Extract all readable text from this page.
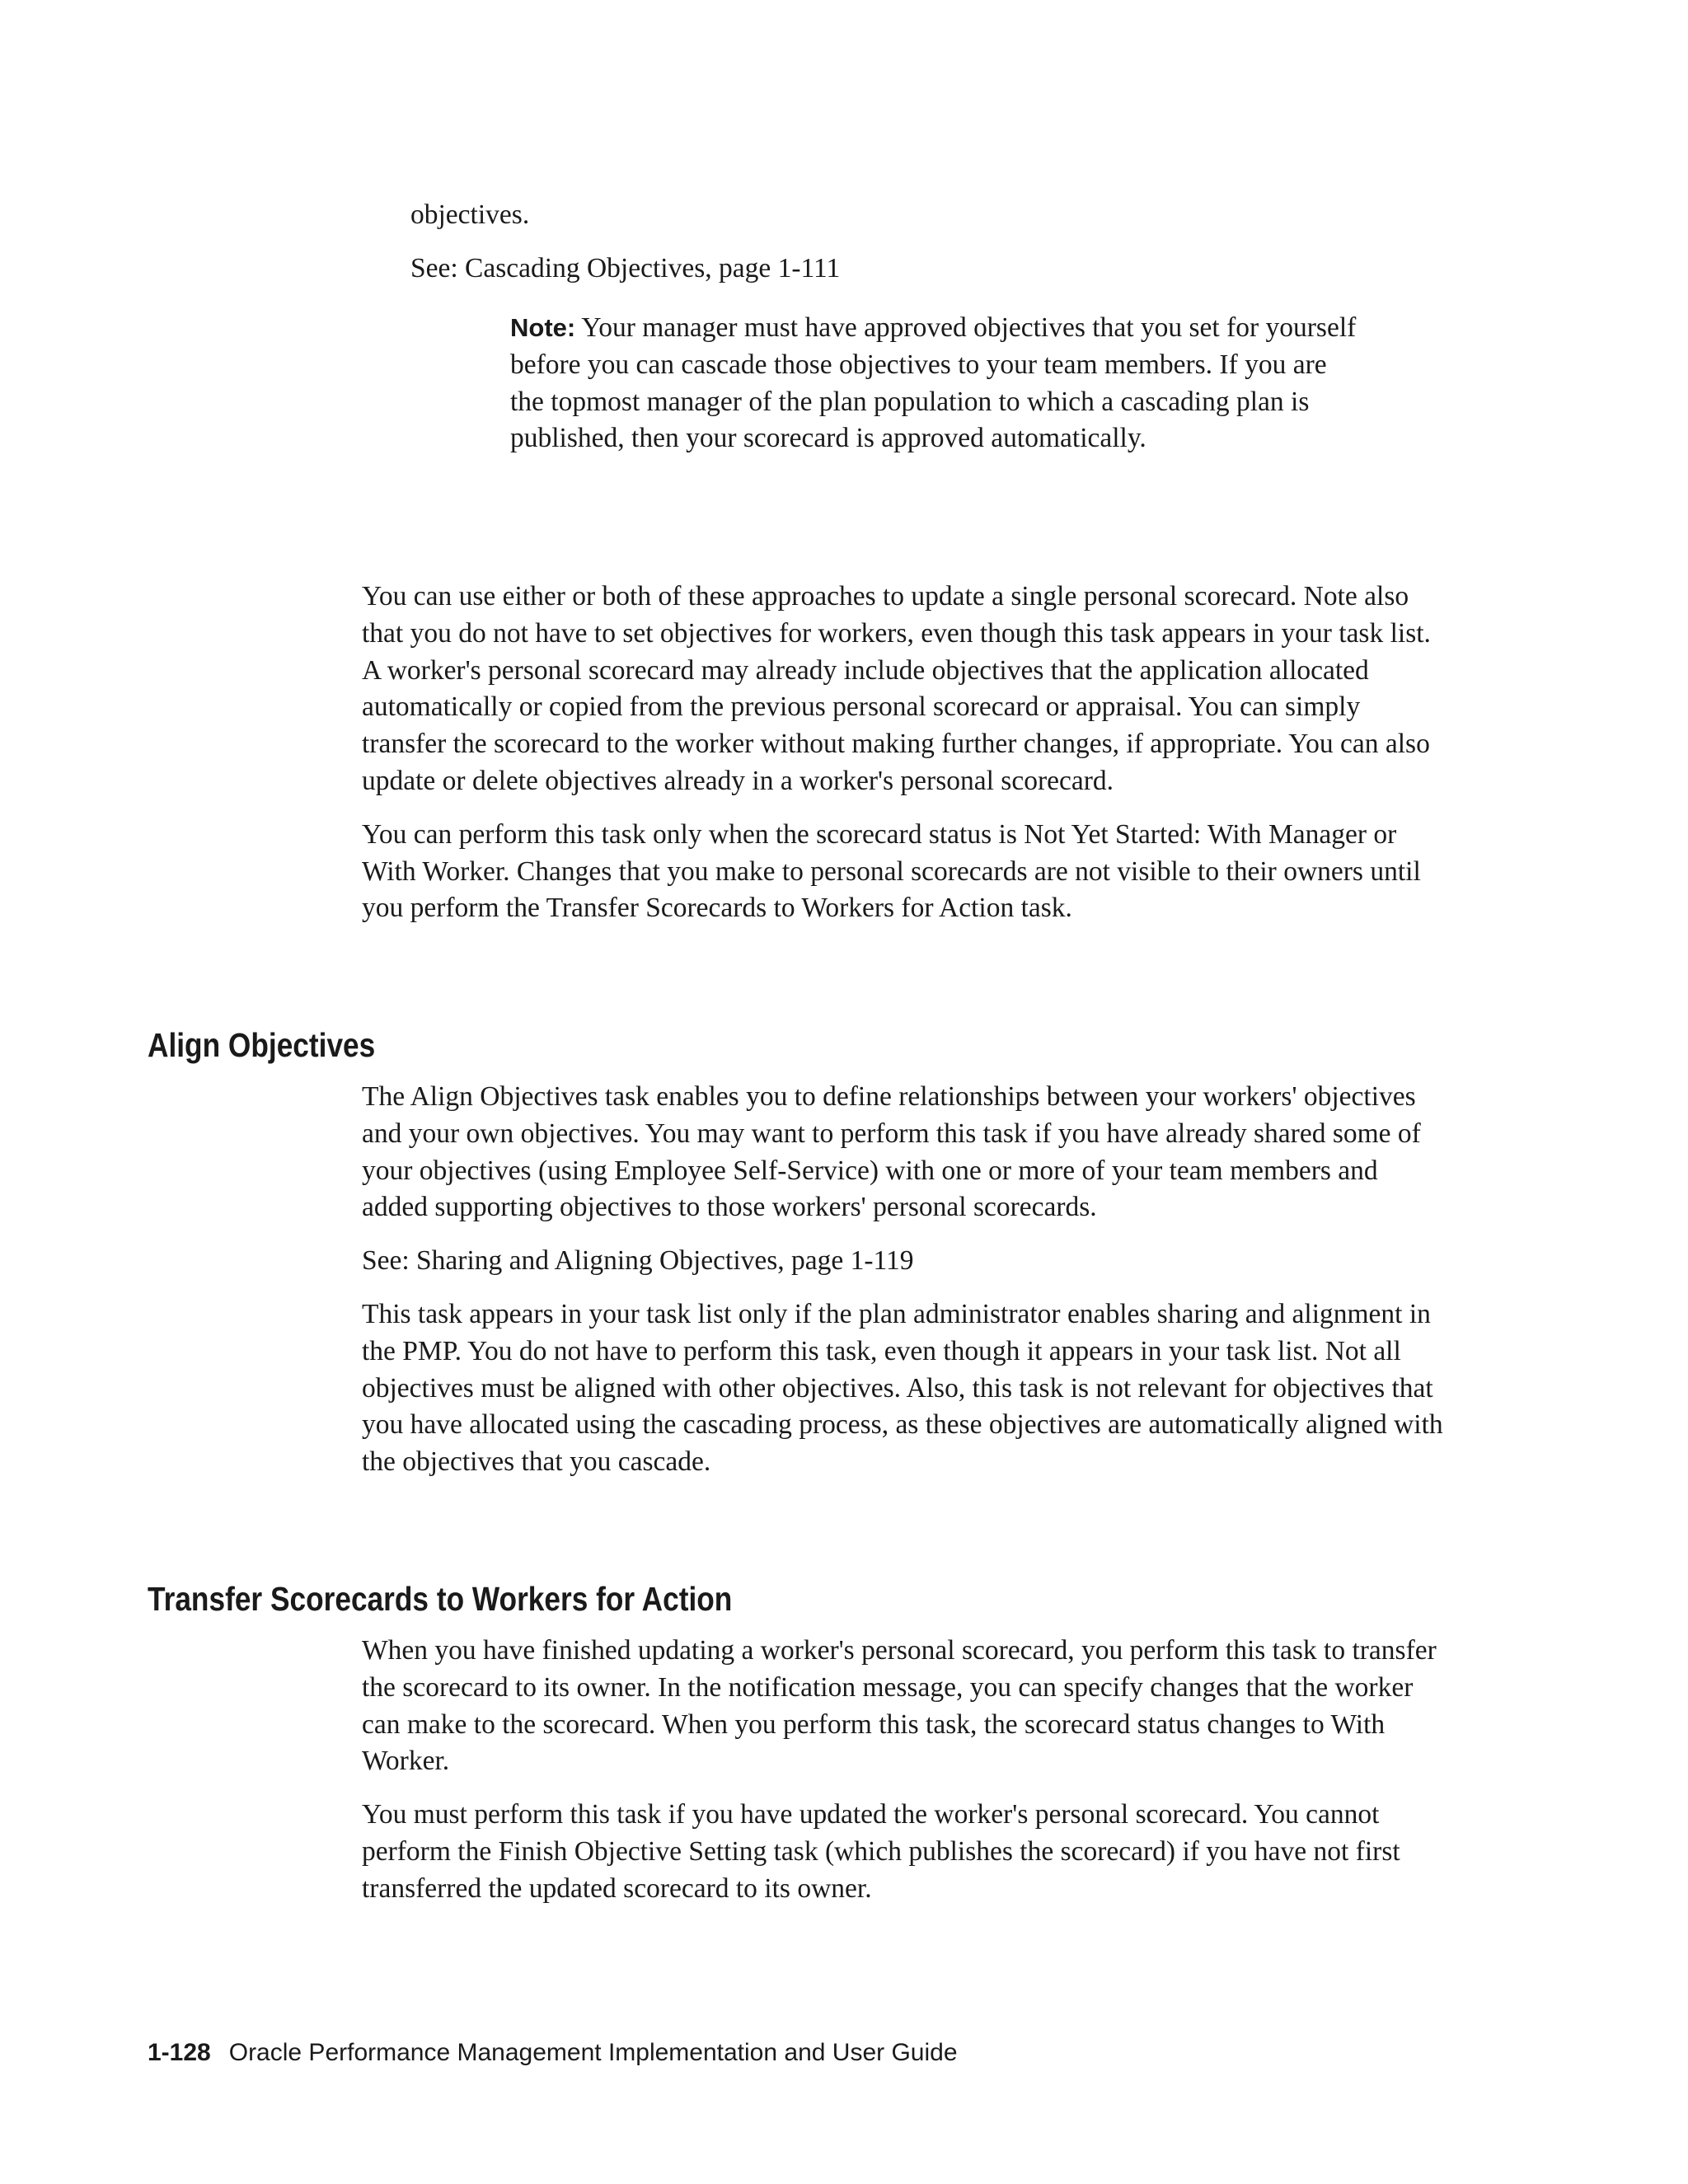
objectives.

See: Cascading Objectives, page 1-111

Note: Your manager must have approved objectives that you set for yourself before you can cascade those objectives to your team members. If you are the topmost manager of the plan population to which a cascading plan is published, then your scorecard is approved automatically.

You can use either or both of these approaches to update a single personal scorecard. Note also that you do not have to set objectives for workers, even though this task appears in your task list. A worker's personal scorecard may already include objectives that the application allocated automatically or copied from the previous personal scorecard or appraisal. You can simply transfer the scorecard to the worker without making further changes, if appropriate. You can also update or delete objectives already in a worker's personal scorecard.

You can perform this task only when the scorecard status is Not Yet Started: With Manager or With Worker. Changes that you make to personal scorecards are not visible to their owners until you perform the Transfer Scorecards to Workers for Action task.

Align Objectives

The Align Objectives task enables you to define relationships between your workers' objectives and your own objectives. You may want to perform this task if you have already shared some of your objectives (using Employee Self-Service) with one or more of your team members and added supporting objectives to those workers' personal scorecards.

See: Sharing and Aligning Objectives, page 1-119

This task appears in your task list only if the plan administrator enables sharing and alignment in the PMP. You do not have to perform this task, even though it appears in your task list. Not all objectives must be aligned with other objectives. Also, this task is not relevant for objectives that you have allocated using the cascading process, as these objectives are automatically aligned with the objectives that you cascade.

Transfer Scorecards to Workers for Action

When you have finished updating a worker's personal scorecard, you perform this task to transfer the scorecard to its owner. In the notification message, you can specify changes that the worker can make to the scorecard. When you perform this task, the scorecard status changes to With Worker.

You must perform this task if you have updated the worker's personal scorecard. You cannot perform the Finish Objective Setting task (which publishes the scorecard) if you have not first transferred the updated scorecard to its owner.

1-128 Oracle Performance Management Implementation and User Guide
